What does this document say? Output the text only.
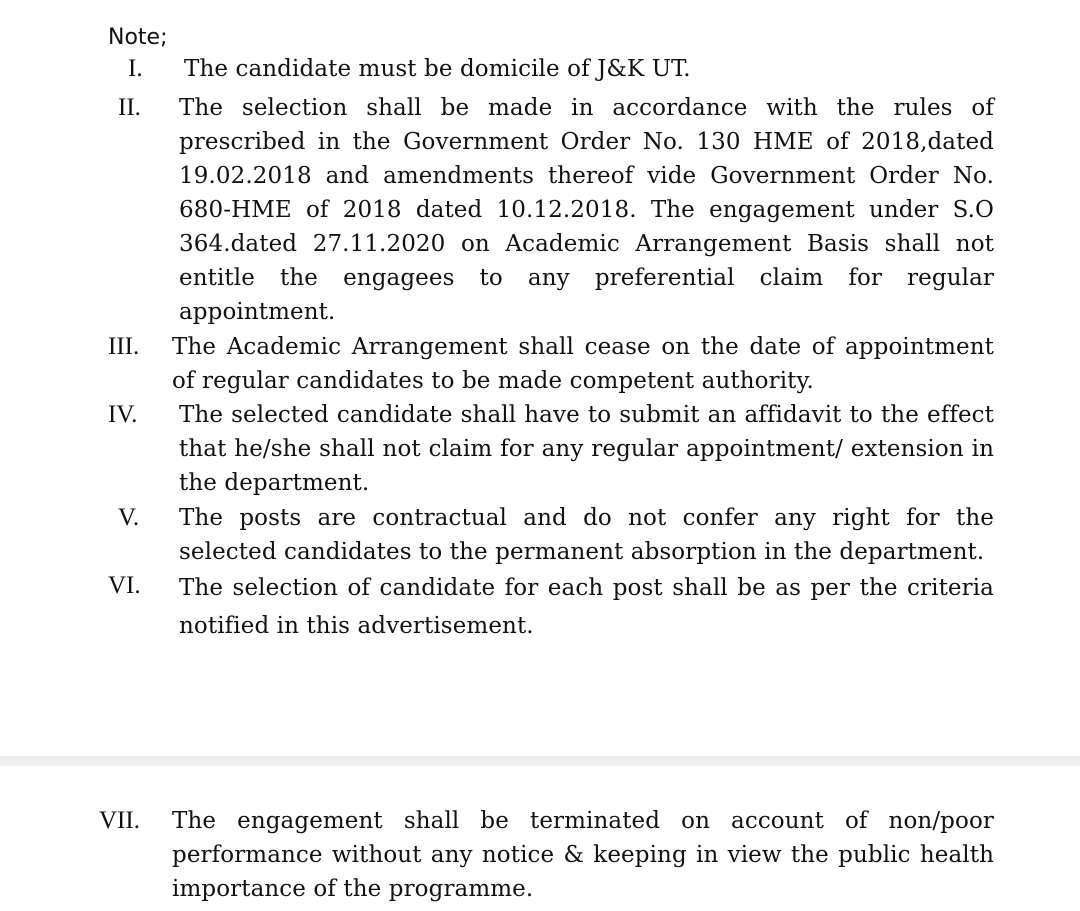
Note;
I. The candidate must be domicile of J&K UT.
II. The selection shall be made in accordance with the rules of prescribed in the Government Order No. 130 HME of 2018,dated 19.02.2018 and amendments thereof vide Government Order No. 680-HME of 2018 dated 10.12.2018. The engagement under S.O 364.dated 27.11.2020 on Academic Arrangement Basis shall not entitle the engagees to any preferential claim for regular appointment.
III. The Academic Arrangement shall cease on the date of appointment of regular candidates to be made competent authority.
IV. The selected candidate shall have to submit an affidavit to the effect that he/she shall not claim for any regular appointment/ extension in the department.
V. The posts are contractual and do not confer any right for the selected candidates to the permanent absorption in the department.
VI. The selection of candidate for each post shall be as per the criteria notified in this advertisement.
VII. The engagement shall be terminated on account of non/poor performance without any notice & keeping in view the public health importance of the programme.
